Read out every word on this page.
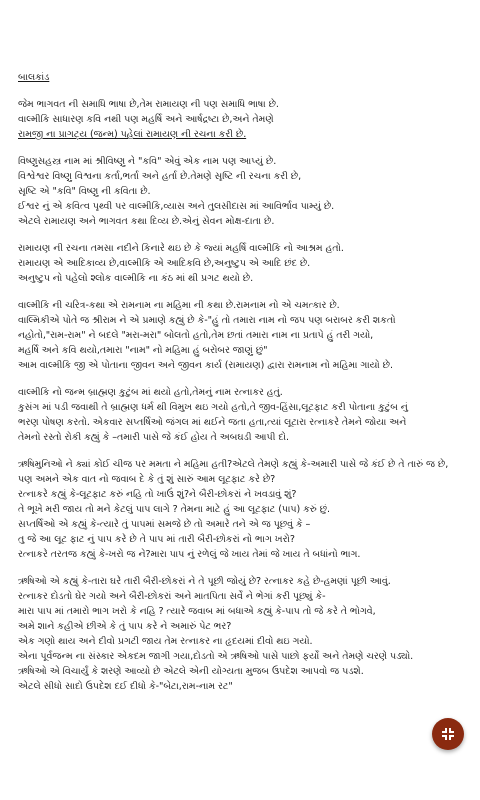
બાલકાંડ
જેમ ભાગવત ની સમાધિ ભાષા છે,તેમ રામાયણ ની પણ સમાધિ ભાષા છે.
વાલ્મીકિ સાધારણ કવિ નથી પણ મહર્ષિ અને આર્ષદ્રષ્ટા છે,અને તેમણે
રામજી ના પ્રાગટ્ય (જન્મ) પહેલાં રામાયણ ની રચના કરી છે.
વિષ્ણુસહસ્ત્ર નામ માં શ્રીવિષ્ણુ ને "કવિ" એવું એક નામ પણ આપ્યું છે.
વિશ્વેશ્વર વિષ્ણુ વિશ્વના કર્તા,ભર્તા અને હર્તા છે.તેમણે સૃષ્ટિ ની રચના કરી છે,
સૃષ્ટિ એ "કવિ" વિષ્ણુ ની કવિતા છે.
ઈશ્વર નું એ કવિત્વ પૃથ્વી પર વાલ્મીકિ,વ્યાસ અને તુલસીદાસ માં આવિર્ભાવ પામ્યું છે.
એટલે રામાયણ અને ભાગવત કથા દિવ્ય છે.એનું સેવન મોક્ષ-દાતા છે.
રામાયણ ની રચના તમસા નદીને કિનારે થઇ છે કે જ્યાં મહર્ષિ વાલ્મીકિ નો આશ્રમ હતો.
રામાયણ એ આદિકાવ્ય છે,વાલ્મીકિ એ આદિકવિ છે,અનુષ્ટુપ એ આદિ છંદ છે.
અનુષ્ટુપ નો પહેલો શ્લોક વાલ્મીકિ ના કંઠ માં થી પ્રગટ થયો છે.
વાલ્મીકિ ની ચરિત્ર-કથા એ રામનામ ના મહિમા ની કથા છે.રામનામ નો એ ચમત્કાર છે.
વાલ્મિકીએ પોતે જ શ્રીરામ ને એ પ્રમાણે કહ્યું છે કે-"હું તો તમારા નામ નો જપ પણ બરાબર કરી શકતો
નહોતો,"રામ-રામ" ને બદલે "મરા-મરા" બોલતો હતો,તેમ છતાં તમારા નામ ના પ્રતાપે હું તરી ગયો,
મહર્ષિ અને કવિ થયો,તમારા "નામ" નો મહિમા હું બરોબર જાણું છું"
આમ વાલ્મીકિ જી એ પોતાના જીવન અને જીવન કાર્ય (રામાયણ) દ્વારા રામનામ નો મહિમા ગાયો છે.
વાલ્મીકિ નો જન્મ બ્રાહ્મણ કુટુંબ માં થયો હતો,તેમનું નામ રત્નાકર હતું.
કુસંગ માં પડી જવાથી તે બ્રાહ્મણ ધર્મ થી વિમુખ થઇ ગયો હતો,તે જીવ-હિંસા,લૂટફાટ કરી પોતાના કુટુંબ નું
ભરણ પોષણ કરતો. એકવાર સપ્તર્ષિઓ જંગલ માં થઈને જતા હતા,ત્યાં લૂટારા રત્નાકરે તેમને જોયા અને
તેમનો રસ્તો રોકી કહ્યું કે –તમારી પાસે જે કંઈ હોય તે અબઘડી આપી દો.
ઋષિમુનિઓ ને ક્યાં કોઈ ચીજ પર મમતા ને મહિમા હતી?એટલે તેમણે કહ્યું કે-અમારી પાસે જે કંઈ છે તે તારું જ છે,
પણ અમને એક વાત નો જવાબ દે કે તું શું સારું આમ લૂટફાટ કરે છે?
રત્નાકરે કહ્યું કે-લૂટફાટ કરું નહિ તો ખાઉં શું?ને બૈરી-છોકરાં ને ખવડાવું શું?
તે ભૂખે મરી જાય તો મને કેટલું પાપ લાગે ? તેમના માટે હું આ લૂટફાટ (પાપ) કરું છું.
સપ્તર્ષિઓ એ કહ્યું કે-ત્યારે તું પાપમાં સમજે છે તો અમારે તને એ જ પૂછવું કે –
તુ જે આ લૂટ ફાટ નું પાપ કરે છે તે પાપ માં તારી બૈરી-છોકરાં નો ભાગ ખરો?
રત્નાકરે તરતજ કહ્યું કે-ખરો જ ને?મારા પાપ નું રળેલું જે ખાય તેમાં જે ખાય તે બધાંનો ભાગ.
ઋષિઓ એ કહ્યું કે-તારા ઘરે તારી બૈરી-છોકરાં ને તે પૂછી જોયું છે? રત્નાકર કહે છે-હમણાં પૂછી આવું.
રત્નાકર દોડતો ઘેર ગયો અને બૈરી-છોકરાં અને માતપિતા સર્વે ને ભેગાં કરી પૂછ્યું કે-
મારા પાપ માં તમારો ભાગ ખરો કે નહિ ? ત્યારે જવાબ માં બધાએ કહ્યું કે-પાપ તો જે કરે તે ભોગવે,
અમે શાને કહીએ છીએ કે તું પાપ કરે ને અમારું પેટ ભર?
એક ગણો થાય અને દીવો પ્રગટી જાય તેમ રત્નાકર ના હૃદયમાં દીવો થઇ ગયો.
એના પૂર્વજન્મ ના સંસ્કાર એકદમ જાગી ગયા,દોડતો એ ઋષિઓ પાસે પાછો ફર્યો અને તેમણે ચરણે પડ્યો.
ઋષિઓ એ વિચાર્યું કે શરણે આવ્યો છે એટલે એની યોગ્યતા મુજબ ઉપદેશ આપવો જ પડશે.
એટલે સીધો સાદો ઉપદેશ દઈ દીધો કે-"બેટા,રામ-નામ રટ"
